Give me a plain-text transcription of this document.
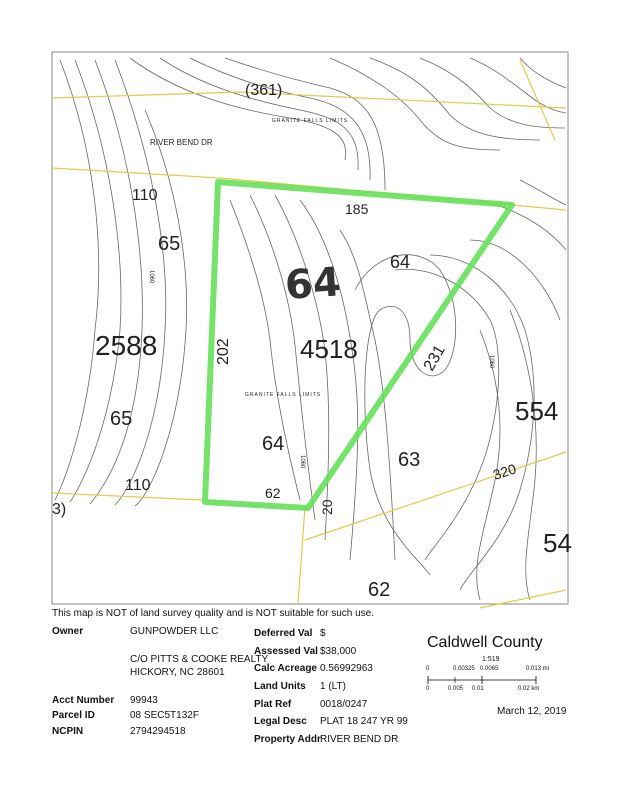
RIVER BEND DR
GRANITE FALLS LIMITS
GRANITE FALLS LIMITS
1060
1060
1060
(361)
110
65
2588
65
110
3)
185
202	4518
64
64
62
20
231
63
554
320
54
62
64
This map is NOT of land survey quality and is NOT suitable for such use.
Owner	GUNPOWDER LLC
C/O PITTS & COOKE REALTY
HICKORY, NC 28601
Acct Number 99943
Parcel ID	08 SEC5T132F
NCPIN	2794294518
Deferred Val $
Assessed Val $38,000
Calc Acreage 0.56992963
Land Units 1 (LT)
Plat Ref	0018/0247
Legal Desc PLAT 18 247 YR 99
Property Addr RIVER BEND DR
Caldwell County
1:519
0	0.00325 0.0065	0.013 mi
0	0.005 0.01	0.02 km
March 12, 2019
